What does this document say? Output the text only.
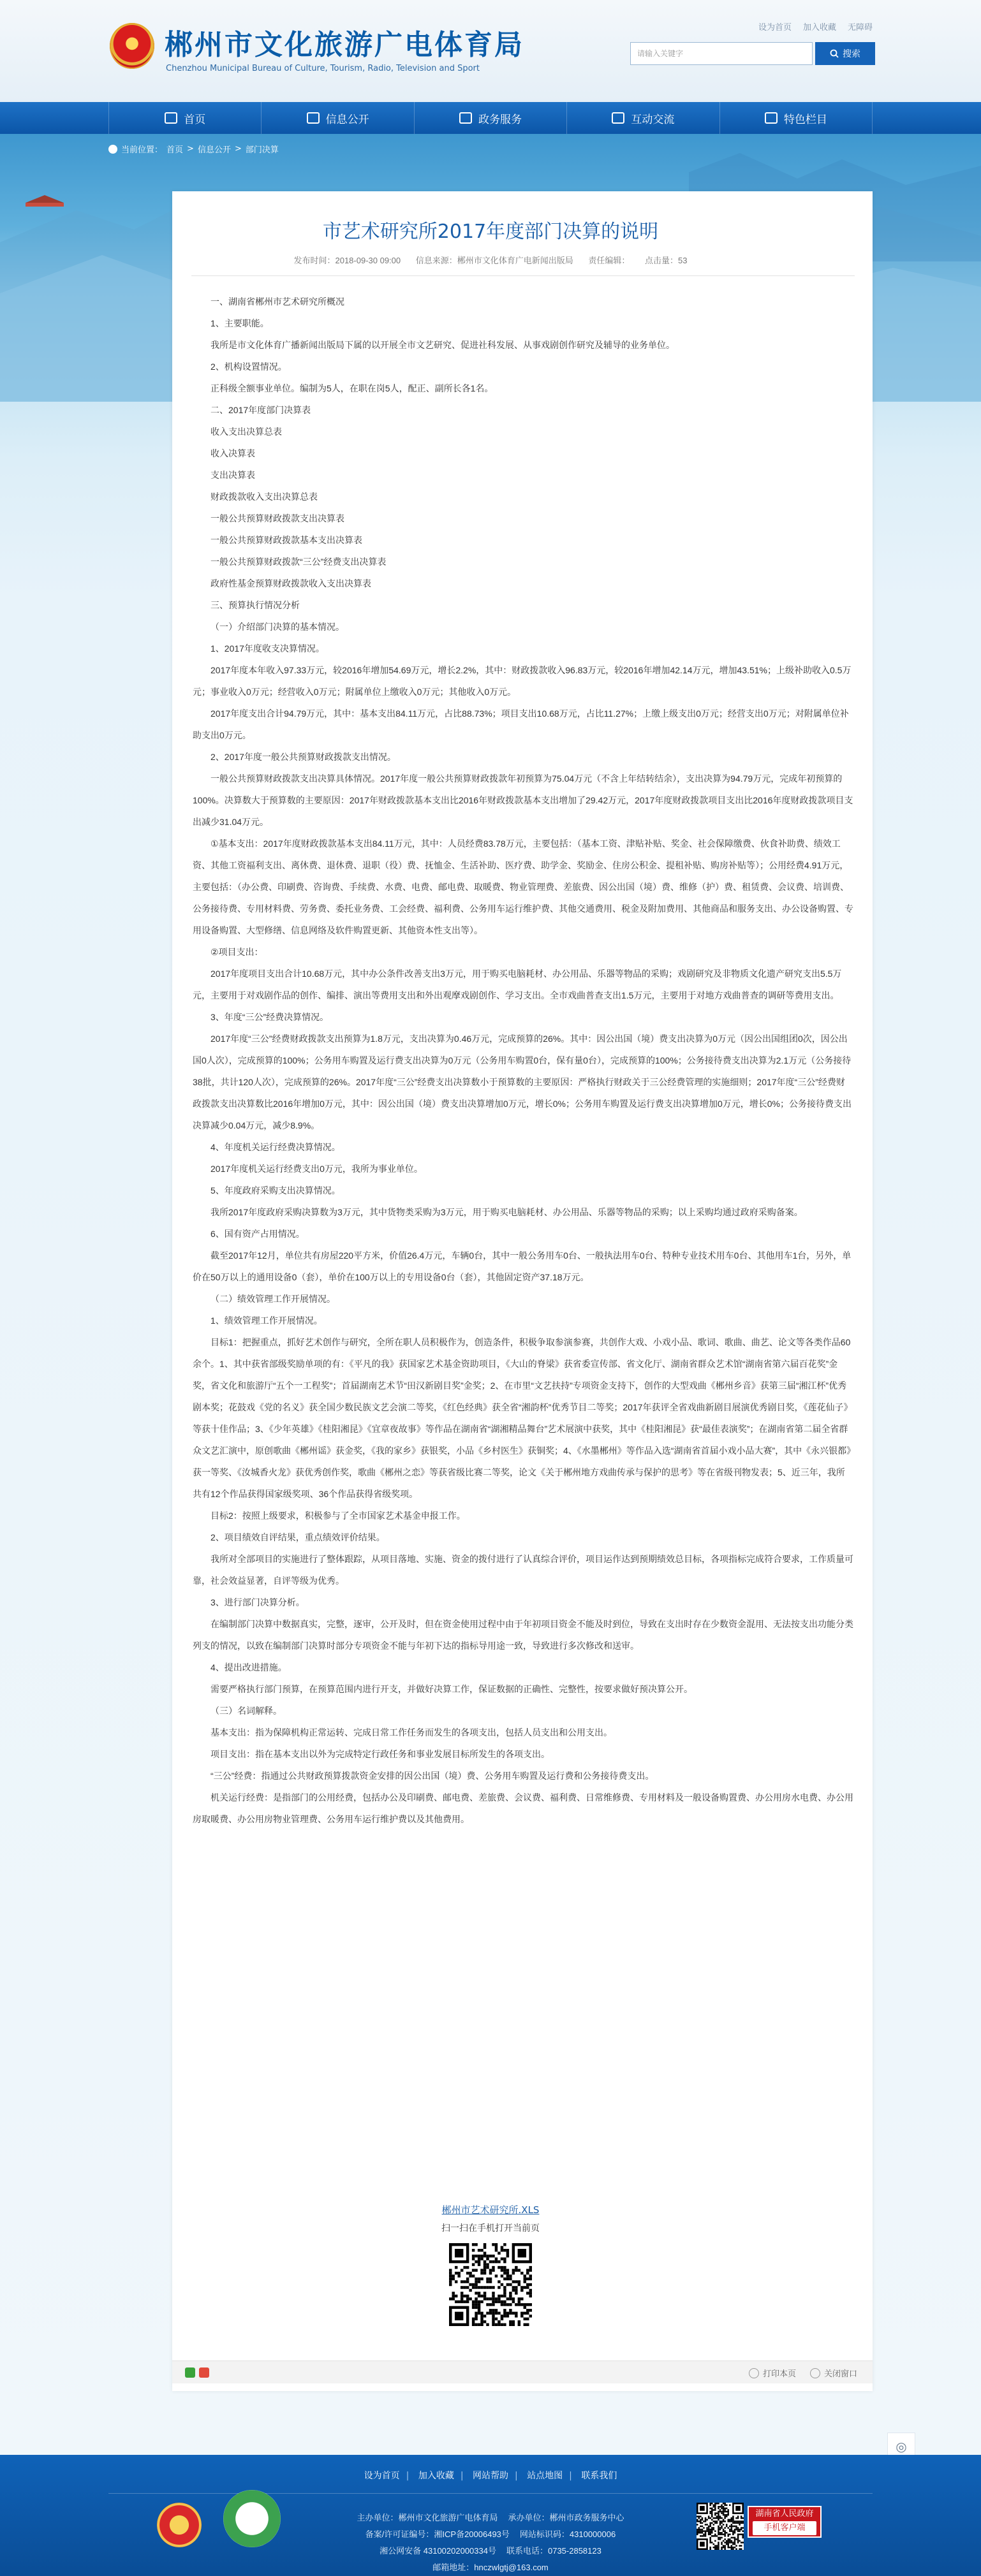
郴州市文化旅游广电体育局
Chenzhou Municipal Bureau of Culture, Tourism, Radio, Television and Sport
设为首页 加入收藏 无障碍
请输入关键字	搜索
首页	信息公开	政务服务	互动交流	特色栏目
当前位置： 首页 > 信息公开 > 部门决算
市艺术研究所2017年度部门决算的说明
发布时间：2018-09-30 09:00 信息来源：郴州市文化体育广电新闻出版局 责任编辑： 点击量：53

一、湖南省郴州市艺术研究所概况

1、主要职能。

我所是市文化体育广播新闻出版局下属的以开展全市文艺研究、促进社科发展、从事戏剧创作研究及辅导的业务单位。

2、机构设置情况。

正科级全额事业单位。编制为5人，在职在岗5人，配正、副所长各1名。

二、2017年度部门决算表

收入支出决算总表

收入决算表

支出决算表

财政拨款收入支出决算总表

一般公共预算财政拨款支出决算表

一般公共预算财政拨款基本支出决算表

一般公共预算财政拨款“三公”经费支出决算表

政府性基金预算财政拨款收入支出决算表

三、预算执行情况分析

（一）介绍部门决算的基本情况。

1、2017年度收支决算情况。

2017年度本年收入97.33万元，较2016年增加54.69万元，增长2.2%，其中：财政拨款收入96.83万元，较2016年增加42.14万元，增加43.51%；上级补助收入0.5万元；事业收入0万元；经营收入0万元；附属单位上缴收入0万元；其他收入0万元。

2017年度支出合计94.79万元，其中：基本支出84.11万元，占比88.73%；项目支出10.68万元，占比11.27%；上缴上级支出0万元；经营支出0万元；对附属单位补助支出0万元。

2、2017年度一般公共预算财政拨款支出情况。

一般公共预算财政拨款支出决算具体情况。2017年度一般公共预算财政拨款年初预算为75.04万元（不含上年结转结余），支出决算为94.79万元，完成年初预算的100%。决算数大于预算数的主要原因：2017年财政拨款基本支出比2016年财政拨款基本支出增加了29.42万元，2017年度财政拨款项目支出比2016年度财政拨款项目支出减少31.04万元。

①基本支出：2017年度财政拨款基本支出84.11万元，其中：人员经费83.78万元，主要包括：（基本工资、津贴补贴、奖金、社会保障缴费、伙食补助费、绩效工资、其他工资福利支出、离休费、退休费、退职（役）费、抚恤金、生活补助、医疗费、助学金、奖励金、住房公积金、提租补贴、购房补贴等）；公用经费4.91万元，主要包括：（办公费、印刷费、咨询费、手续费、水费、电费、邮电费、取暖费、物业管理费、差旅费、因公出国（境）费、维修（护）费、租赁费、会议费、培训费、公务接待费、专用材料费、劳务费、委托业务费、工会经费、福利费、公务用车运行维护费、其他交通费用、税金及附加费用、其他商品和服务支出、办公设备购置、专用设备购置、大型修缮、信息网络及软件购置更新、其他资本性支出等）。

②项目支出：

2017年度项目支出合计10.68万元，其中办公条件改善支出3万元，用于购买电脑耗材、办公用品、乐器等物品的采购；戏剧研究及非物质文化遗产研究支出5.5万元，主要用于对戏剧作品的创作、编排、演出等费用支出和外出观摩戏剧创作、学习支出。全市戏曲普查支出1.5万元，主要用于对地方戏曲普查的调研等费用支出。

3、年度“三公”经费决算情况。

2017年度“三公”经费财政拨款支出预算为1.8万元，支出决算为0.46万元，完成预算的26%。其中：因公出国（境）费支出决算为0万元（因公出国组团0次，因公出国0人次），完成预算的100%；公务用车购置及运行费支出决算为0万元（公务用车购置0台，保有量0台），完成预算的100%；公务接待费支出决算为2.1万元（公务接待38批，共计120人次），完成预算的26%。2017年度“三公”经费支出决算数小于预算数的主要原因：严格执行财政关于三公经费管理的实施细则；2017年度“三公”经费财政拨款支出决算数比2016年增加0万元，其中：因公出国（境）费支出决算增加0万元，增长0%；公务用车购置及运行费支出决算增加0万元，增长0%；公务接待费支出决算减少0.04万元，减少8.9%。

4、年度机关运行经费决算情况。

2017年度机关运行经费支出0万元，我所为事业单位。

5、年度政府采购支出决算情况。

我所2017年度政府采购决算数为3万元，其中货物类采购为3万元，用于购买电脑耗材、办公用品、乐器等物品的采购；以上采购均通过政府采购备案。

6、国有资产占用情况。

截至2017年12月，单位共有房屋220平方米，价值26.4万元，车辆0台，其中一般公务用车0台、一般执法用车0台、特种专业技术用车0台、其他用车1台，另外，单价在50万以上的通用设备0（套），单价在100万以上的专用设备0台（套），其他固定资产37.18万元。

（二）绩效管理工作开展情况。

1、绩效管理工作开展情况。

目标1：把握重点，抓好艺术创作与研究，全所在职人员积极作为，创造条件，积极争取参演参赛，共创作大戏、小戏小品、歌词、歌曲、曲艺、论文等各类作品60余个。1、其中获省部级奖励单项的有：《平凡的我》获国家艺术基金资助项目，《大山的脊梁》获省委宣传部、省文化厅、湖南省群众艺术馆“湖南省第六届百花奖”金奖，省文化和旅游厅“五个一工程奖”；首届湖南艺术节“田汉新剧目奖”金奖；2、在市里“文艺扶持”专项资金支持下，创作的大型戏曲《郴州乡音》获第三届“湘江杯”优秀剧本奖；花鼓戏《党的名义》获全国少数民族文艺会演二等奖，《红色经典》获全省“湘韵杯”优秀节目二等奖；2017年获评全省戏曲新剧目展演优秀剧目奖，《莲花仙子》等获十佳作品；3、《少年英雄》《桂阳湘昆》《宜章夜故事》等作品在湖南省“湖湘精品舞台”艺术展演中获奖，其中《桂阳湘昆》获“最佳表演奖”；在湖南省第二届全省群众文艺汇演中，原创歌曲《郴州谣》获金奖，《我的家乡》获银奖，小品《乡村医生》获铜奖；4、《水墨郴州》等作品入选“湖南省首届小戏小品大赛”，其中《永兴银都》获一等奖、《汝城香火龙》获优秀创作奖，歌曲《郴州之恋》等获省级比赛二等奖，论文《关于郴州地方戏曲传承与保护的思考》等在省级刊物发表；5、近三年，我所共有12个作品获得国家级奖项、36个作品获得省级奖项。

目标2：按照上级要求，积极参与了全市国家艺术基金申报工作。

2、项目绩效自评结果，重点绩效评价结果。

我所对全部项目的实施进行了整体跟踪，从项目落地、实施、资金的拨付进行了认真综合评价，项目运作达到预期绩效总目标，各项指标完成符合要求，工作质量可靠，社会效益显著，自评等级为优秀。

3、进行部门决算分析。

在编制部门决算中数据真实，完整，逐审，公开及时，但在资金使用过程中由于年初项目资金不能及时到位，导致在支出时存在少数资金混用、无法按支出功能分类列支的情况，以致在编制部门决算时部分专项资金不能与年初下达的指标导用途一致，导致进行多次修改和送审。

4、提出改进措施。

需要严格执行部门预算，在预算范围内进行开支，并做好决算工作，保证数据的正确性、完整性，按要求做好预决算公开。

（三）名词解释。

基本支出：指为保障机构正常运转、完成日常工作任务而发生的各项支出，包括人员支出和公用支出。

项目支出：指在基本支出以外为完成特定行政任务和事业发展目标所发生的各项支出。

“三公”经费：指通过公共财政预算拨款资金安排的因公出国（境）费、公务用车购置及运行费和公务接待费支出。

机关运行经费：是指部门的公用经费，包括办公及印刷费、邮电费、差旅费、会议费、福利费、日常维修费、专用材料及一般设备购置费、办公用房水电费、办公用房取暖费、办公用房物业管理费、公务用车运行维护费以及其他费用。

郴州市艺术研究所.XLS
扫一扫在手机打开当前页
打印本页	关闭窗口
◎
设为首页 | 加入收藏 | 网站帮助 | 站点地图 | 联系我们
主办单位：郴州市文化旅游广电体育局 承办单位：郴州市政务服务中心
备案/许可证编号：湘ICP备20006493号 网站标识码：4310000006
湘公网安备 43100202000334号 联系电话：0735-2858123
邮箱地址：hnczwlgtj@163.com
湖南省人民政府
手机客户端
